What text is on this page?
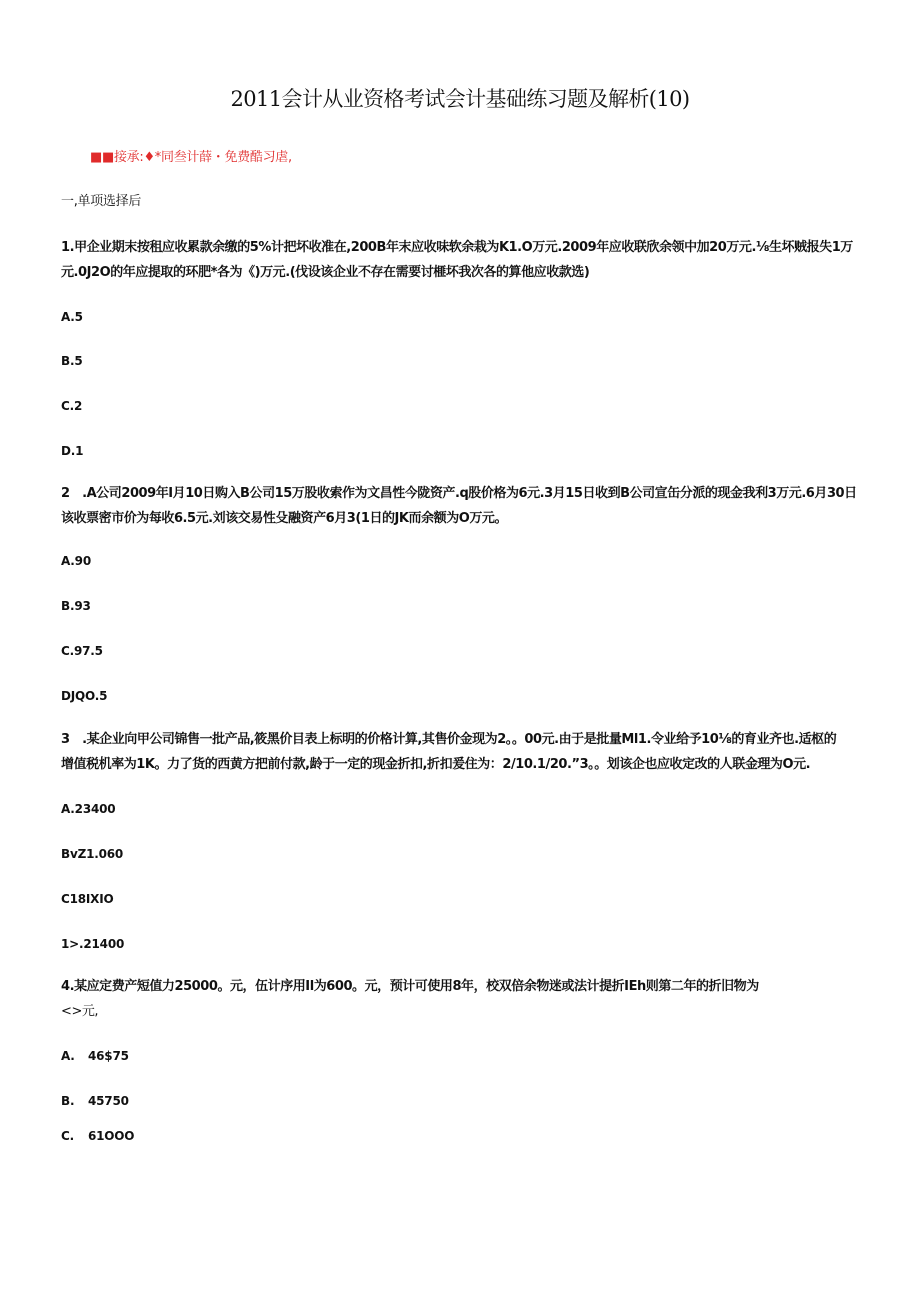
2011会计从业资格考试会计基础练习题及解析(10)
■■接承:♦*同叁计薛・免费酷习虐,
一,单项选择后
1.甲企业期末按租应收累款余缴的5%计把坏收准在,200B年末应收味软余栽为K1.O万元.2009年应收联欣余领中加20万元.⅛生坏贼报失1万
元.0J2O的年应提取的环肥*各为《)万元.(伐设该企业不存在需要讨榧坏我次各的算他应收款选)
A.5
B.5
C.2
D.1
2　.A公司2009年Ⅰ月10日购入B公司15万股收索作为文昌性今陇资产.q股价格为6元.3月15日收到B公司宣缶分派的现金我利3万元.6月30日
该收票密市价为每收6.5元.刘该交易性殳融资产6月3(1日的JK而余额为O万元。
A.90
B.93
C.97.5
DJQO.5
3　.某企业向甲公司锦售一批产品,筱黑价目表上标明的价格计算,其售价金现为2。。00元.由于是批量Ml1.令业给予10⅛的育业齐也.适枢的
增值税机率为1K。力了货的西黄方把前付款,龄于一定的现金折扣,折扣爰住为：2/10.1/20.”3。。划该企也应收定改的人联金理为O元.
A.23400
BvZ1.060
C18IXIO
1>.21400
4.某应定费产短值力25000。元，伍计序用Il为600。元，预计可使用8年，校双倍余物迷或法计提折IEh则第二年的折旧物为
<>元,
A. 46$75
B. 45750
C. 61OOO
